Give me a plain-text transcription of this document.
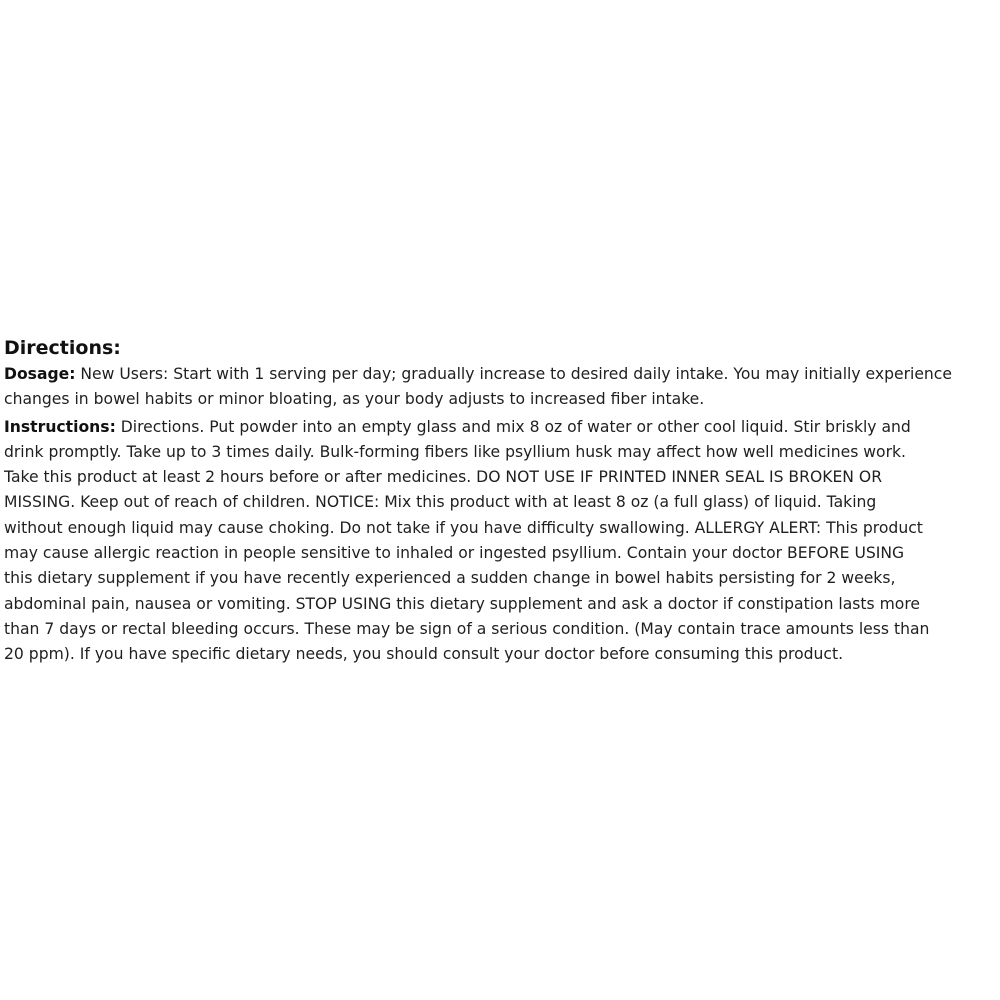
Directions:

Dosage: New Users: Start with 1 serving per day; gradually increase to desired daily intake. You may initially experience
changes in bowel habits or minor bloating, as your body adjusts to increased fiber intake.

Instructions: Directions. Put powder into an empty glass and mix 8 oz of water or other cool liquid. Stir briskly and
drink promptly. Take up to 3 times daily. Bulk-forming fibers like psyllium husk may affect how well medicines work.
Take this product at least 2 hours before or after medicines. DO NOT USE IF PRINTED INNER SEAL IS BROKEN OR
MISSING. Keep out of reach of children. NOTICE: Mix this product with at least 8 oz (a full glass) of liquid. Taking
without enough liquid may cause choking. Do not take if you have difficulty swallowing. ALLERGY ALERT: This product
may cause allergic reaction in people sensitive to inhaled or ingested psyllium. Contain your doctor BEFORE USING
this dietary supplement if you have recently experienced a sudden change in bowel habits persisting for 2 weeks,
abdominal pain, nausea or vomiting. STOP USING this dietary supplement and ask a doctor if constipation lasts more
than 7 days or rectal bleeding occurs. These may be sign of a serious condition. (May contain trace amounts less than
20 ppm). If you have specific dietary needs, you should consult your doctor before consuming this product.
